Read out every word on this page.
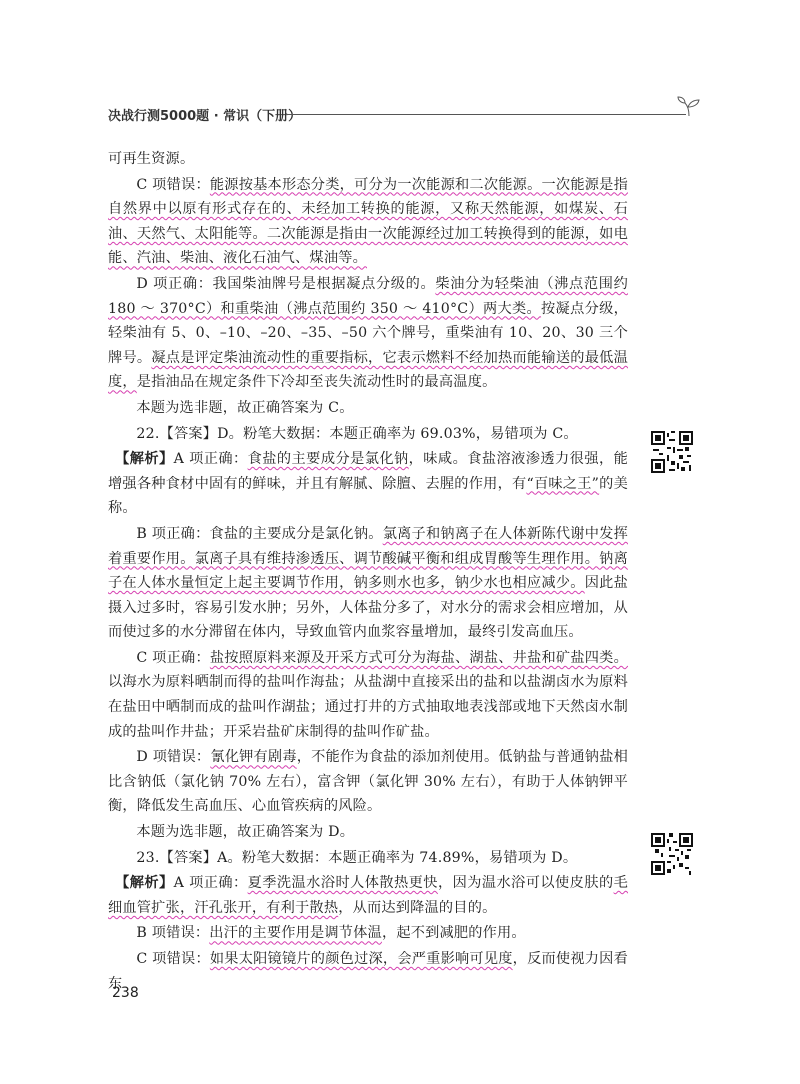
决战行测5000题 · 常识（下册）

可再生资源。

C 项错误：能源按基本形态分类，可分为一次能源和二次能源。一次能源是指自然界中以原有形式存在的、未经加工转换的能源，又称天然能源，如煤炭、石油、天然气、太阳能等。二次能源是指由一次能源经过加工转换得到的能源，如电能、汽油、柴油、液化石油气、煤油等。

D 项正确：我国柴油牌号是根据凝点分级的。柴油分为轻柴油（沸点范围约 180 ～ 370°C）和重柴油（沸点范围约 350 ～ 410°C）两大类。按凝点分级，轻柴油有 5、0、–10、–20、–35、–50 六个牌号，重柴油有 10、20、30 三个牌号。凝点是评定柴油流动性的重要指标，它表示燃料不经加热而能输送的最低温度，是指油品在规定条件下冷却至丧失流动性时的最高温度。

本题为选非题，故正确答案为 C。

22.【答案】D。粉笔大数据：本题正确率为 69.03%，易错项为 C。

【解析】A 项正确：食盐的主要成分是氯化钠，味咸。食盐溶液渗透力很强，能增强各种食材中固有的鲜味，并且有解腻、除膻、去腥的作用，有“百味之王”的美称。

B 项正确：食盐的主要成分是氯化钠。氯离子和钠离子在人体新陈代谢中发挥着重要作用。氯离子具有维持渗透压、调节酸碱平衡和组成胃酸等生理作用。钠离子在人体水量恒定上起主要调节作用，钠多则水也多，钠少水也相应减少。因此盐摄入过多时，容易引发水肿；另外，人体盐分多了，对水分的需求会相应增加，从而使过多的水分滞留在体内，导致血管内血浆容量增加，最终引发高血压。

C 项正确：盐按照原料来源及开采方式可分为海盐、湖盐、井盐和矿盐四类。以海水为原料晒制而得的盐叫作海盐；从盐湖中直接采出的盐和以盐湖卤水为原料在盐田中晒制而成的盐叫作湖盐；通过打井的方式抽取地表浅部或地下天然卤水制成的盐叫作井盐；开采岩盐矿床制得的盐叫作矿盐。

D 项错误：氰化钾有剧毒，不能作为食盐的添加剂使用。低钠盐与普通钠盐相比含钠低（氯化钠 70% 左右），富含钾（氯化钾 30% 左右），有助于人体钠钾平衡，降低发生高血压、心血管疾病的风险。

本题为选非题，故正确答案为 D。

23.【答案】A。粉笔大数据：本题正确率为 74.89%，易错项为 D。

【解析】A 项正确：夏季洗温水浴时人体散热更快，因为温水浴可以使皮肤的毛细血管扩张，汗孔张开，有利于散热，从而达到降温的目的。

B 项错误：出汗的主要作用是调节体温，起不到减肥的作用。

C 项错误：如果太阳镜镜片的颜色过深，会严重影响可见度，反而使视力因看东

238
